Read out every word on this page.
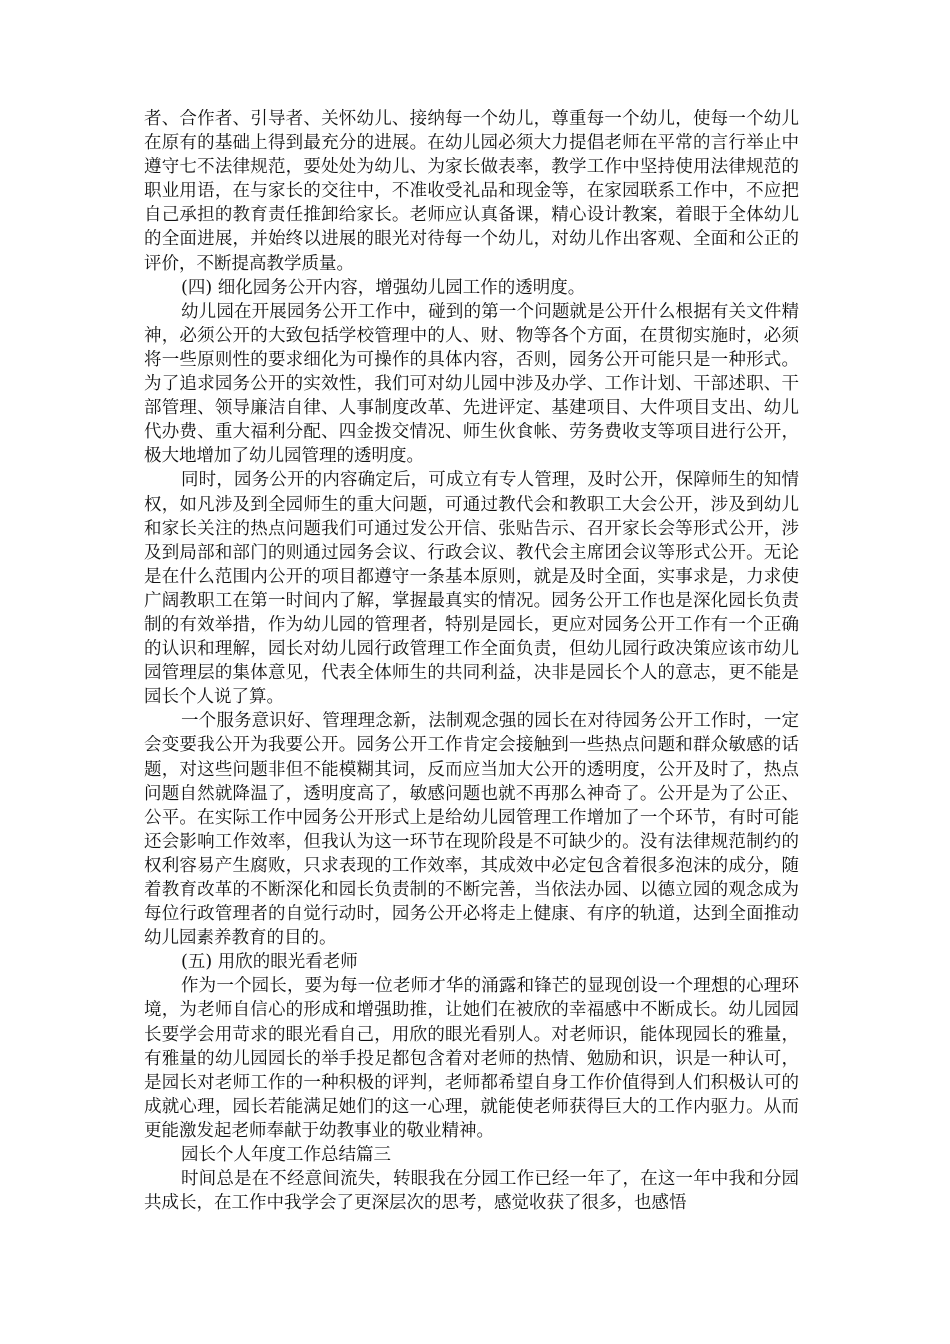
者、合作者、引导者、关怀幼儿、接纳每一个幼儿，尊重每一个幼儿，使每一个幼儿在原有的基础上得到最充分的进展。在幼儿园必须大力提倡老师在平常的言行举止中遵守七不法律规范，要处处为幼儿、为家长做表率，教学工作中坚持使用法律规范的职业用语，在与家长的交往中，不准收受礼品和现金等，在家园联系工作中，不应把自己承担的教育责任推卸给家长。老师应认真备课，精心设计教案，着眼于全体幼儿的全面进展，并始终以进展的眼光对待每一个幼儿，对幼儿作出客观、全面和公正的评价，不断提高教学质量。

(四) 细化园务公开内容，增强幼儿园工作的透明度。

幼儿园在开展园务公开工作中，碰到的第一个问题就是公开什么根据有关文件精神，必须公开的大致包括学校管理中的人、财、物等各个方面，在贯彻实施时，必须将一些原则性的要求细化为可操作的具体内容，否则，园务公开可能只是一种形式。为了追求园务公开的实效性，我们可对幼儿园中涉及办学、工作计划、干部述职、干部管理、领导廉洁自律、人事制度改革、先进评定、基建项目、大件项目支出、幼儿代办费、重大福利分配、四金拨交情况、师生伙食帐、劳务费收支等项目进行公开，极大地增加了幼儿园管理的透明度。

同时，园务公开的内容确定后，可成立有专人管理，及时公开，保障师生的知情权，如凡涉及到全园师生的重大问题，可通过教代会和教职工大会公开，涉及到幼儿和家长关注的热点问题我们可通过发公开信、张贴告示、召开家长会等形式公开，涉及到局部和部门的则通过园务会议、行政会议、教代会主席团会议等形式公开。无论是在什么范围内公开的项目都遵守一条基本原则，就是及时全面，实事求是，力求使广阔教职工在第一时间内了解，掌握最真实的情况。园务公开工作也是深化园长负责制的有效举措，作为幼儿园的管理者，特别是园长，更应对园务公开工作有一个正确的认识和理解，园长对幼儿园行政管理工作全面负责，但幼儿园行政决策应该市幼儿园管理层的集体意见，代表全体师生的共同利益，决非是园长个人的意志，更不能是园长个人说了算。

一个服务意识好、管理理念新，法制观念强的园长在对待园务公开工作时，一定会变要我公开为我要公开。园务公开工作肯定会接触到一些热点问题和群众敏感的话题，对这些问题非但不能模糊其词，反而应当加大公开的透明度，公开及时了，热点问题自然就降温了，透明度高了，敏感问题也就不再那么神奇了。公开是为了公正、公平。在实际工作中园务公开形式上是给幼儿园管理工作增加了一个环节，有时可能还会影响工作效率，但我认为这一环节在现阶段是不可缺少的。没有法律规范制约的权利容易产生腐败，只求表现的工作效率，其成效中必定包含着很多泡沫的成分，随着教育改革的不断深化和园长负责制的不断完善，当依法办园、以德立园的观念成为每位行政管理者的自觉行动时，园务公开必将走上健康、有序的轨道，达到全面推动幼儿园素养教育的目的。

(五) 用欣的眼光看老师

作为一个园长，要为每一位老师才华的涌露和锋芒的显现创设一个理想的心理环境，为老师自信心的形成和增强助推，让她们在被欣的幸福感中不断成长。幼儿园园长要学会用苛求的眼光看自己，用欣的眼光看别人。对老师识，能体现园长的雅量，有雅量的幼儿园园长的举手投足都包含着对老师的热情、勉励和识，识是一种认可，是园长对老师工作的一种积极的评判，老师都希望自身工作价值得到人们积极认可的成就心理，园长若能满足她们的这一心理，就能使老师获得巨大的工作内驱力。从而更能激发起老师奉献于幼教事业的敬业精神。

园长个人年度工作总结篇三

时间总是在不经意间流失，转眼我在分园工作已经一年了，在这一年中我和分园共成长，在工作中我学会了更深层次的思考，感觉收获了很多，也感悟
